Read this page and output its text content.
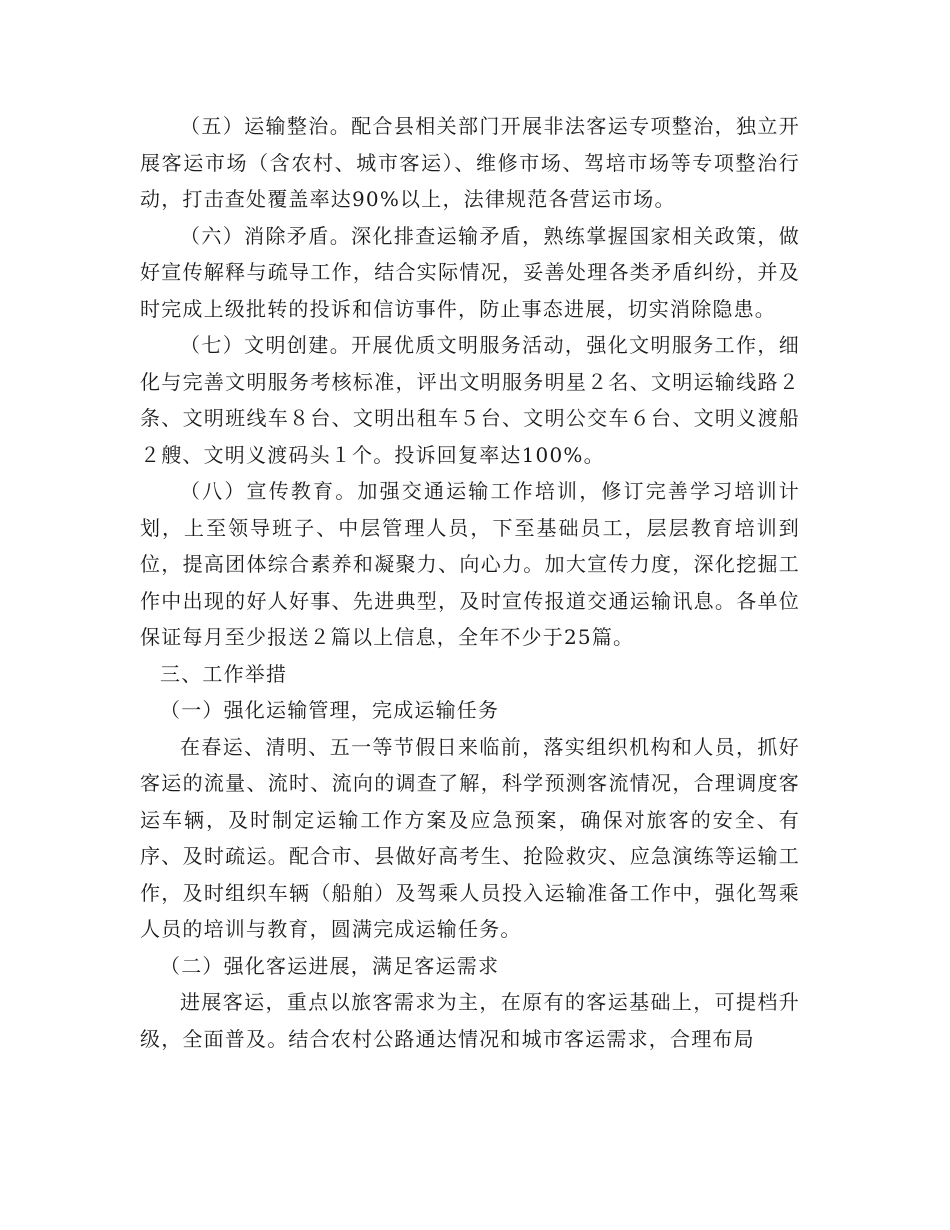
（五）运输整治。配合县相关部门开展非法客运专项整治，独立开展客运市场（含农村、城市客运）、维修市场、驾培市场等专项整治行动，打击查处覆盖率达90%以上，法律规范各营运市场。

（六）消除矛盾。深化排查运输矛盾，熟练掌握国家相关政策，做好宣传解释与疏导工作，结合实际情况，妥善处理各类矛盾纠纷，并及时完成上级批转的投诉和信访事件，防止事态进展，切实消除隐患。

（七）文明创建。开展优质文明服务活动，强化文明服务工作，细化与完善文明服务考核标准，评出文明服务明星２名、文明运输线路２条、文明班线车８台、文明出租车５台、文明公交车６台、文明义渡船２艘、文明义渡码头１个。投诉回复率达100%。

（八）宣传教育。加强交通运输工作培训，修订完善学习培训计划，上至领导班子、中层管理人员，下至基础员工，层层教育培训到位，提高团体综合素养和凝聚力、向心力。加大宣传力度，深化挖掘工作中出现的好人好事、先进典型，及时宣传报道交通运输讯息。各单位保证每月至少报送２篇以上信息，全年不少于25篇。

三、工作举措

（一）强化运输管理，完成运输任务

在春运、清明、五一等节假日来临前，落实组织机构和人员，抓好客运的流量、流时、流向的调查了解，科学预测客流情况，合理调度客运车辆，及时制定运输工作方案及应急预案，确保对旅客的安全、有序、及时疏运。配合市、县做好高考生、抢险救灾、应急演练等运输工作，及时组织车辆（船舶）及驾乘人员投入运输准备工作中，强化驾乘人员的培训与教育，圆满完成运输任务。

（二）强化客运进展，满足客运需求

进展客运，重点以旅客需求为主，在原有的客运基础上，可提档升级，全面普及。结合农村公路通达情况和城市客运需求，合理布局
